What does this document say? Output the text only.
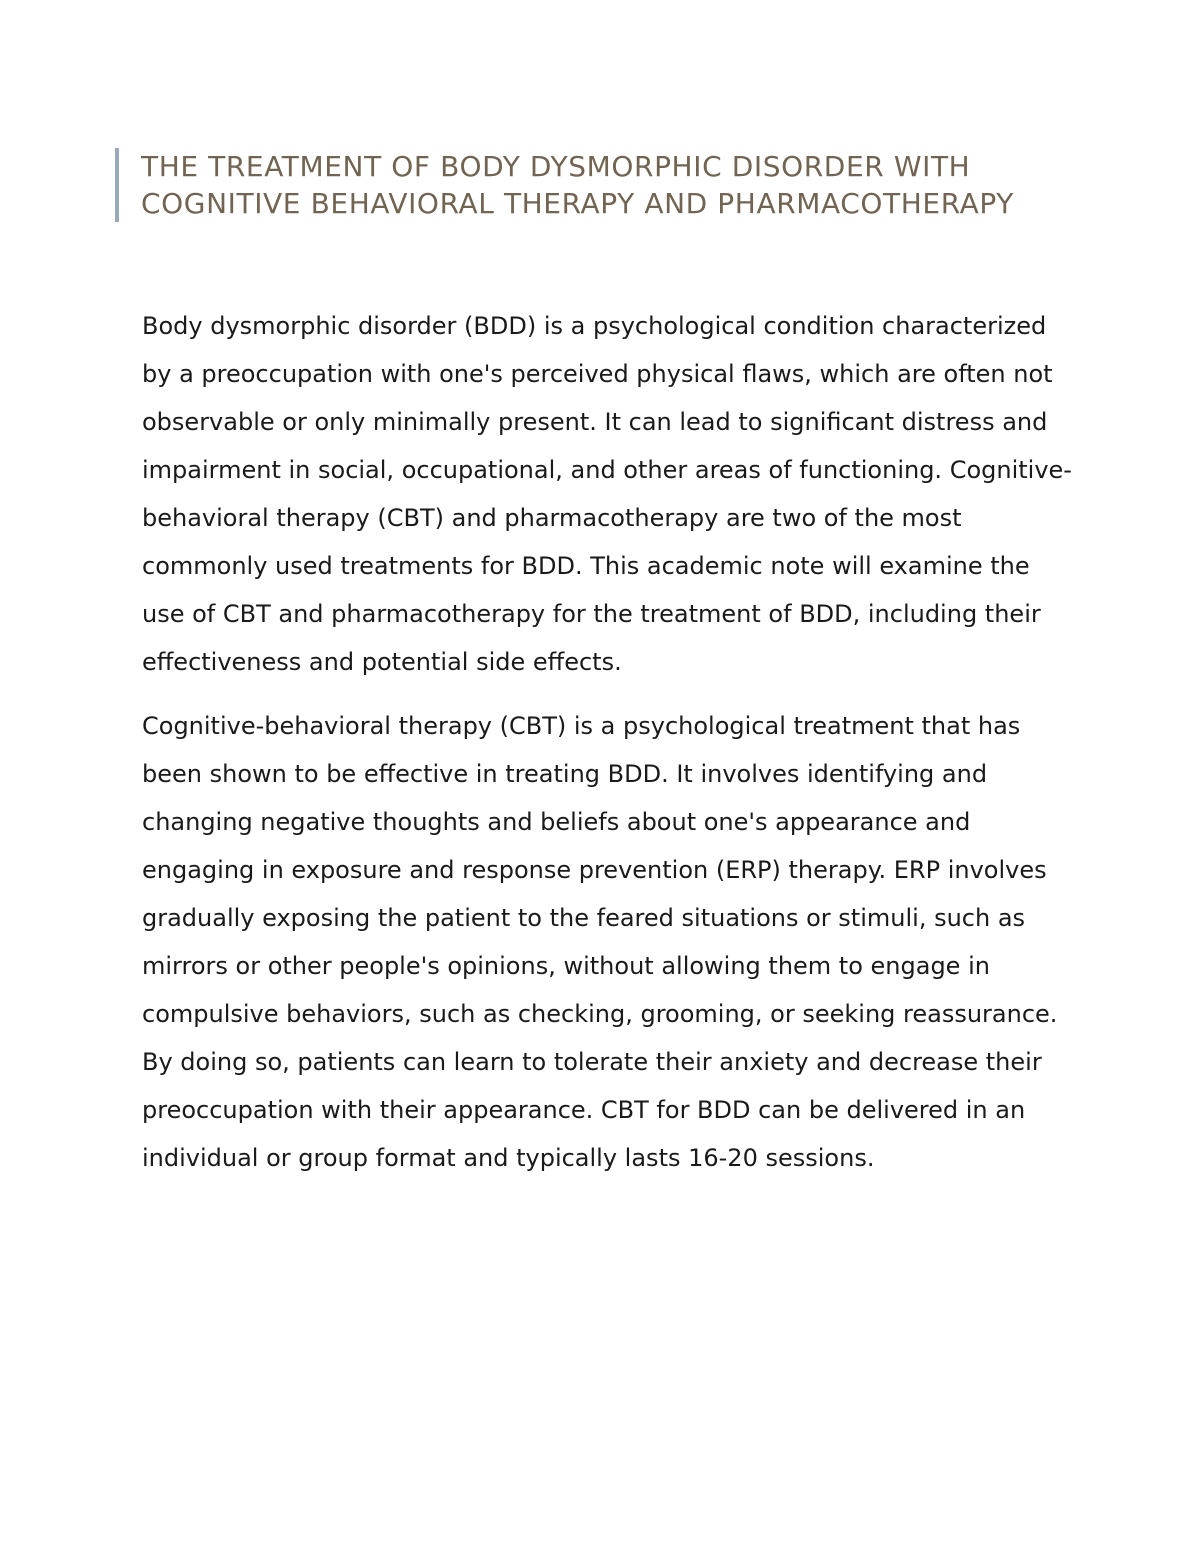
THE TREATMENT OF BODY DYSMORPHIC DISORDER WITH COGNITIVE BEHAVIORAL THERAPY AND PHARMACOTHERAPY

Body dysmorphic disorder (BDD) is a psychological condition characterized by a preoccupation with one's perceived physical flaws, which are often not observable or only minimally present. It can lead to significant distress and impairment in social, occupational, and other areas of functioning. Cognitive-behavioral therapy (CBT) and pharmacotherapy are two of the most commonly used treatments for BDD. This academic note will examine the use of CBT and pharmacotherapy for the treatment of BDD, including their effectiveness and potential side effects.

Cognitive-behavioral therapy (CBT) is a psychological treatment that has been shown to be effective in treating BDD. It involves identifying and changing negative thoughts and beliefs about one's appearance and engaging in exposure and response prevention (ERP) therapy. ERP involves gradually exposing the patient to the feared situations or stimuli, such as mirrors or other people's opinions, without allowing them to engage in compulsive behaviors, such as checking, grooming, or seeking reassurance. By doing so, patients can learn to tolerate their anxiety and decrease their preoccupation with their appearance. CBT for BDD can be delivered in an individual or group format and typically lasts 16-20 sessions.
